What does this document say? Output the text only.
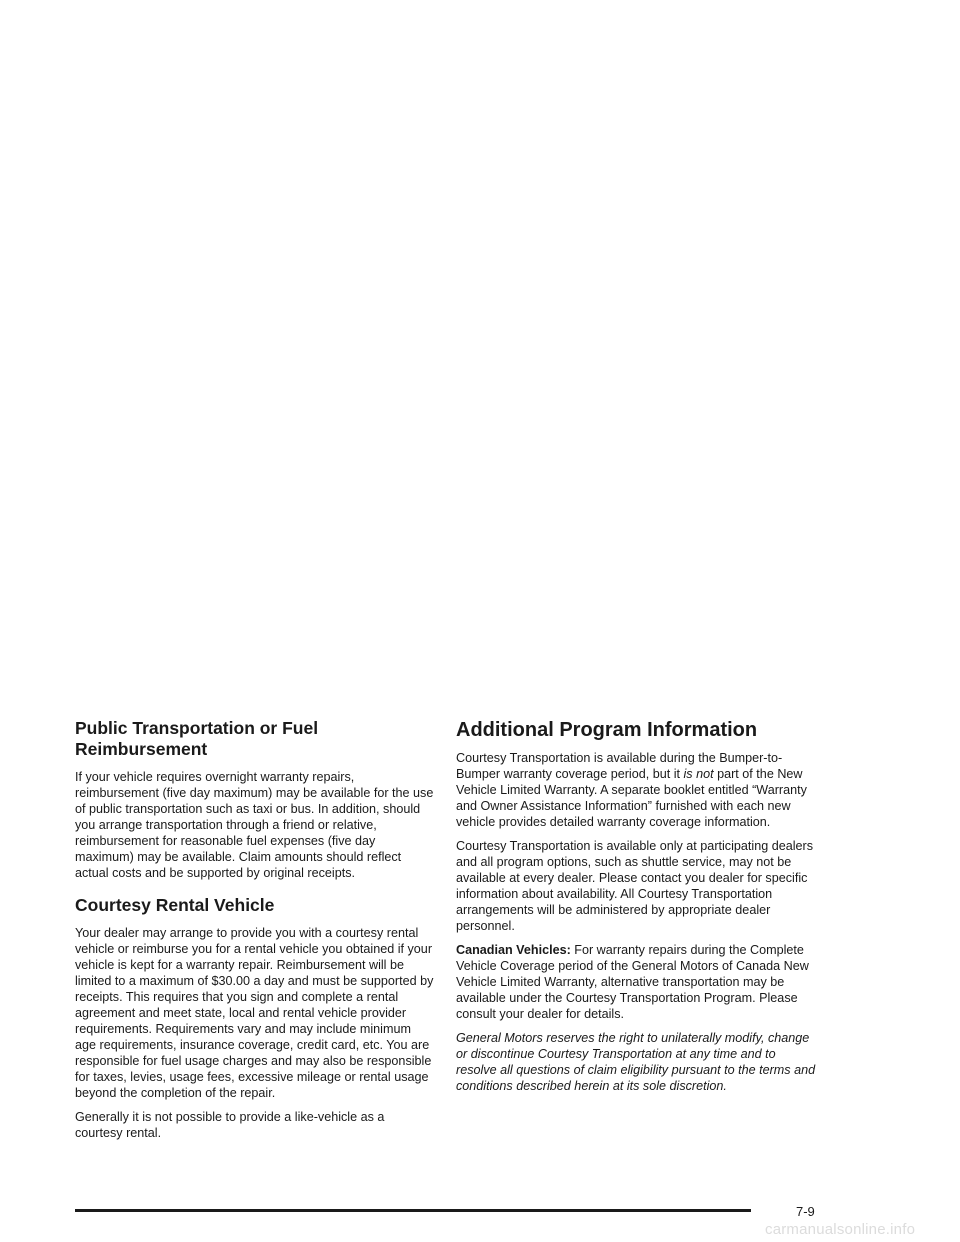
Public Transportation or Fuel Reimbursement

If your vehicle requires overnight warranty repairs, reimbursement (five day maximum) may be available for the use of public transportation such as taxi or bus. In addition, should you arrange transportation through a friend or relative, reimbursement for reasonable fuel expenses (five day maximum) may be available. Claim amounts should reflect actual costs and be supported by original receipts.

Courtesy Rental Vehicle

Your dealer may arrange to provide you with a courtesy rental vehicle or reimburse you for a rental vehicle you obtained if your vehicle is kept for a warranty repair. Reimbursement will be limited to a maximum of $30.00 a day and must be supported by receipts. This requires that you sign and complete a rental agreement and meet state, local and rental vehicle provider requirements. Requirements vary and may include minimum age requirements, insurance coverage, credit card, etc. You are responsible for fuel usage charges and may also be responsible for taxes, levies, usage fees, excessive mileage or rental usage beyond the completion of the repair.

Generally it is not possible to provide a like-vehicle as a courtesy rental.

Additional Program Information

Courtesy Transportation is available during the Bumper-to-Bumper warranty coverage period, but it is not part of the New Vehicle Limited Warranty. A separate booklet entitled “Warranty and Owner Assistance Information” furnished with each new vehicle provides detailed warranty coverage information.

Courtesy Transportation is available only at participating dealers and all program options, such as shuttle service, may not be available at every dealer. Please contact you dealer for specific information about availability. All Courtesy Transportation arrangements will be administered by appropriate dealer personnel.

Canadian Vehicles: For warranty repairs during the Complete Vehicle Coverage period of the General Motors of Canada New Vehicle Limited Warranty, alternative transportation may be available under the Courtesy Transportation Program. Please consult your dealer for details.

General Motors reserves the right to unilaterally modify, change or discontinue Courtesy Transportation at any time and to resolve all questions of claim eligibility pursuant to the terms and conditions described herein at its sole discretion.

7-9
carmanualsonline.info
